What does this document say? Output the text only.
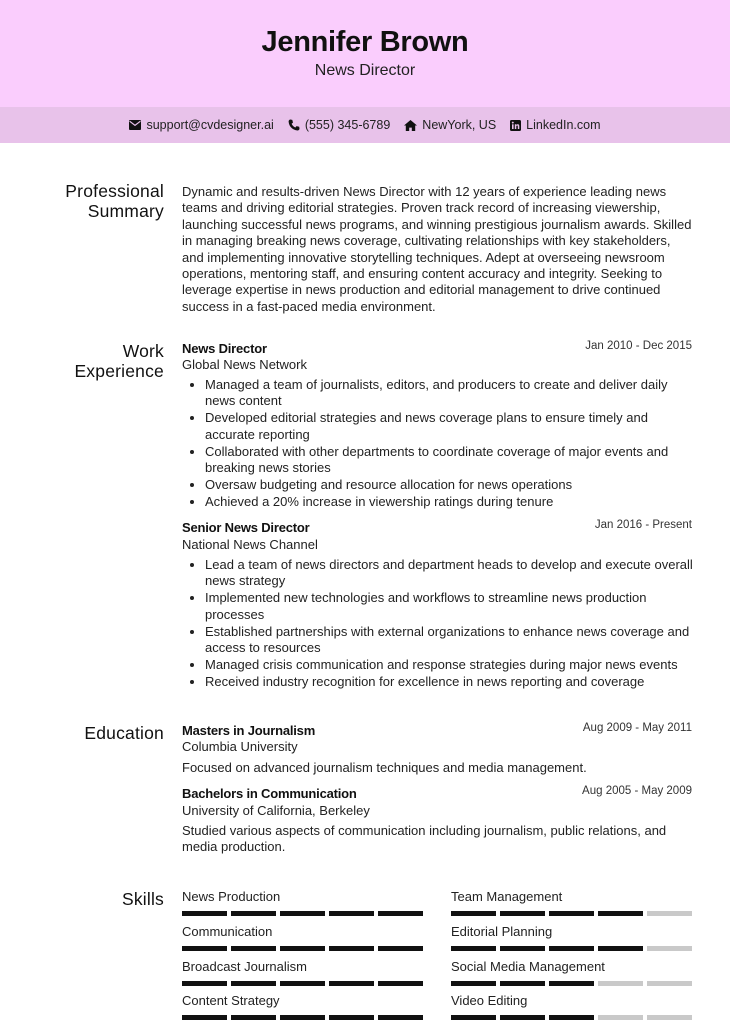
Jennifer Brown
News Director
support@cvdesigner.ai (555) 345-6789	NewYork, US LinkedIn.com
Professional
Summary
Dynamic and results-driven News Director with 12 years of experience leading news teams and driving editorial strategies. Proven track record of increasing viewership, launching successful news programs, and winning prestigious journalism awards. Skilled in managing breaking news coverage, cultivating relationships with key stakeholders, and implementing innovative storytelling techniques. Adept at overseeing newsroom operations, mentoring staff, and ensuring content accuracy and integrity. Seeking to leverage expertise in news production and editorial management to drive continued success in a fast-paced media environment.
Work
Experience
News Director	Jan 2010 - Dec 2015
Global News Network
Managed a team of journalists, editors, and producers to create and deliver daily news content
Developed editorial strategies and news coverage plans to ensure timely and accurate reporting
Collaborated with other departments to coordinate coverage of major events and breaking news stories
Oversaw budgeting and resource allocation for news operations
Achieved a 20% increase in viewership ratings during tenure
Senior News Director	Jan 2016 - Present
National News Channel
Lead a team of news directors and department heads to develop and execute overall news strategy
Implemented new technologies and workflows to streamline news production processes
Established partnerships with external organizations to enhance news coverage and access to resources
Managed crisis communication and response strategies during major news events
Received industry recognition for excellence in news reporting and coverage
Education Masters in Journalism	Aug 2009 - May 2011
Columbia University
Focused on advanced journalism techniques and media management.
Bachelors in Communication	Aug 2005 - May 2009
University of California, Berkeley
Studied various aspects of communication including journalism, public relations, and media production.
Skills News Production	Team Management
Communication	Editorial Planning
Broadcast Journalism	Social Media Management
Content Strategy	Video Editing
